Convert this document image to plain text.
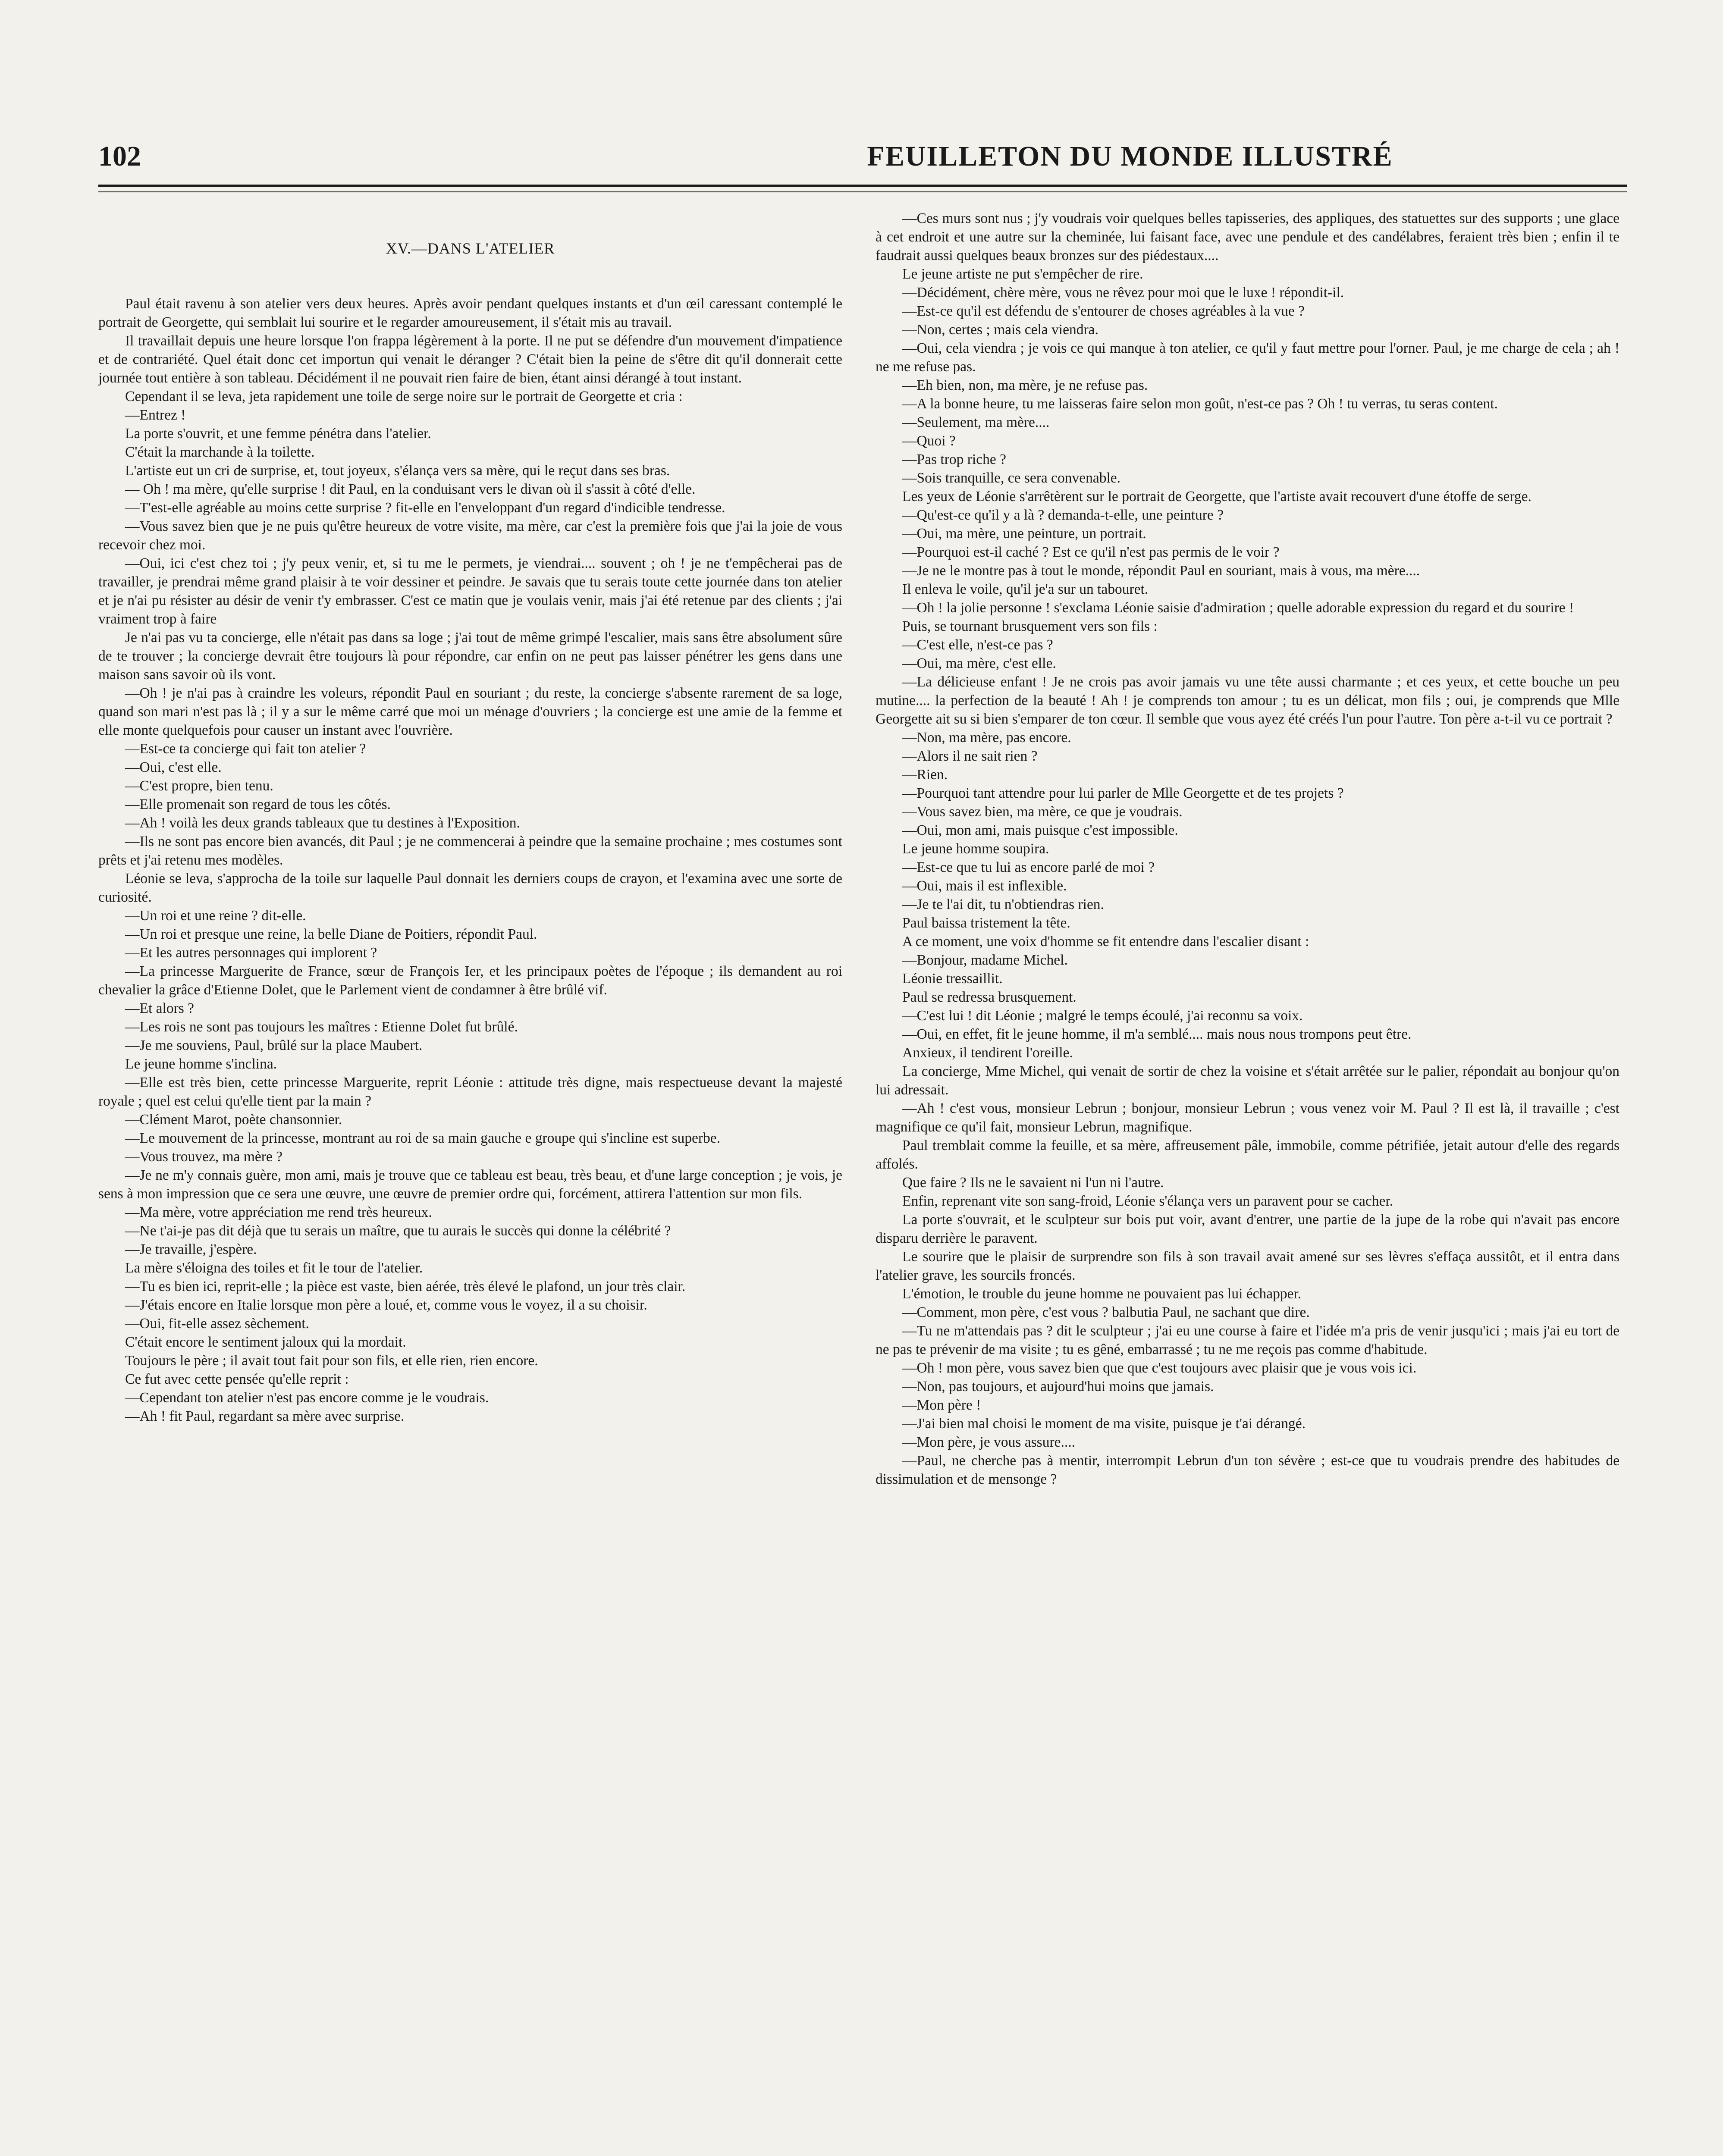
102	FEUILLETON DU MONDE ILLUSTRÉ
XV.—DANS L'ATELIER

Paul était ravenu à son atelier vers deux heures. Après avoir pendant quelques instants et d'un œil caressant contemplé le portrait de Georgette, qui semblait lui sourire et le regarder amoureusement, il s'était mis au travail.

Il travaillait depuis une heure lorsque l'on frappa légèrement à la porte. Il ne put se défendre d'un mouvement d'impatience et de contrariété. Quel était donc cet importun qui venait le déranger ? C'était bien la peine de s'être dit qu'il donnerait cette journée tout entière à son tableau. Décidément il ne pouvait rien faire de bien, étant ainsi dérangé à tout instant.

Cependant il se leva, jeta rapidement une toile de serge noire sur le portrait de Georgette et cria :

—Entrez !

La porte s'ouvrit, et une femme pénétra dans l'atelier.

C'était la marchande à la toilette.

L'artiste eut un cri de surprise, et, tout joyeux, s'élança vers sa mère, qui le reçut dans ses bras.

— Oh ! ma mère, qu'elle surprise ! dit Paul, en la conduisant vers le divan où il s'assit à côté d'elle.

—T'est-elle agréable au moins cette surprise ? fit-elle en l'enveloppant d'un regard d'indicible tendresse.

—Vous savez bien que je ne puis qu'être heureux de votre visite, ma mère, car c'est la première fois que j'ai la joie de vous recevoir chez moi.

—Oui, ici c'est chez toi ; j'y peux venir, et, si tu me le permets, je viendrai.... souvent ; oh ! je ne t'empêcherai pas de travailler, je prendrai même grand plaisir à te voir dessiner et peindre. Je savais que tu serais toute cette journée dans ton atelier et je n'ai pu résister au désir de venir t'y embrasser. C'est ce matin que je voulais venir, mais j'ai été retenue par des clients ; j'ai vraiment trop à faire

Je n'ai pas vu ta concierge, elle n'était pas dans sa loge ; j'ai tout de même grimpé l'escalier, mais sans être absolument sûre de te trouver ; la concierge devrait être toujours là pour répondre, car enfin on ne peut pas laisser pénétrer les gens dans une maison sans savoir où ils vont.

—Oh ! je n'ai pas à craindre les voleurs, répondit Paul en souriant ; du reste, la concierge s'absente rarement de sa loge, quand son mari n'est pas là ; il y a sur le même carré que moi un ménage d'ouvriers ; la concierge est une amie de la femme et elle monte quelquefois pour causer un instant avec l'ouvrière.

—Est-ce ta concierge qui fait ton atelier ?

—Oui, c'est elle.

—C'est propre, bien tenu.

—Elle promenait son regard de tous les côtés.

—Ah ! voilà les deux grands tableaux que tu destines à l'Exposition.

—Ils ne sont pas encore bien avancés, dit Paul ; je ne commencerai à peindre que la semaine prochaine ; mes costumes sont prêts et j'ai retenu mes modèles.

Léonie se leva, s'approcha de la toile sur laquelle Paul donnait les derniers coups de crayon, et l'examina avec une sorte de curiosité.

—Un roi et une reine ? dit-elle.

—Un roi et presque une reine, la belle Diane de Poitiers, répondit Paul.

—Et les autres personnages qui implorent ?

—La princesse Marguerite de France, sœur de François Ier, et les principaux poètes de l'époque ; ils demandent au roi chevalier la grâce d'Etienne Dolet, que le Parlement vient de condamner à être brûlé vif.

—Et alors ?

—Les rois ne sont pas toujours les maîtres : Etienne Dolet fut brûlé.

—Je me souviens, Paul, brûlé sur la place Maubert.

Le jeune homme s'inclina.

—Elle est très bien, cette princesse Marguerite, reprit Léonie : attitude très digne, mais respectueuse devant la majesté royale ; quel est celui qu'elle tient par la main ?

—Clément Marot, poète chansonnier.

—Le mouvement de la princesse, montrant au roi de sa main gauche e groupe qui s'incline est superbe.

—Vous trouvez, ma mère ?

—Je ne m'y connais guère, mon ami, mais je trouve que ce tableau est beau, très beau, et d'une large conception ; je vois, je sens à mon impression que ce sera une œuvre, une œuvre de premier ordre qui, forcément, attirera l'attention sur mon fils.

—Ma mère, votre appréciation me rend très heureux.

—Ne t'ai-je pas dit déjà que tu serais un maître, que tu aurais le succès qui donne la célébrité ?

—Je travaille, j'espère.

La mère s'éloigna des toiles et fit le tour de l'atelier.

—Tu es bien ici, reprit-elle ; la pièce est vaste, bien aérée, très élevé le plafond, un jour très clair.

—J'étais encore en Italie lorsque mon père a loué, et, comme vous le voyez, il a su choisir.

—Oui, fit-elle assez sèchement.

C'était encore le sentiment jaloux qui la mordait.

Toujours le père ; il avait tout fait pour son fils, et elle rien, rien encore.

Ce fut avec cette pensée qu'elle reprit :

—Cependant ton atelier n'est pas encore comme je le voudrais.

—Ah ! fit Paul, regardant sa mère avec surprise.

—Ces murs sont nus ; j'y voudrais voir quelques belles tapisseries, des appliques, des statuettes sur des supports ; une glace à cet endroit et une autre sur la cheminée, lui faisant face, avec une pendule et des candélabres, feraient très bien ; enfin il te faudrait aussi quelques beaux bronzes sur des piédestaux....

Le jeune artiste ne put s'empêcher de rire.

—Décidément, chère mère, vous ne rêvez pour moi que le luxe ! répondit-il.

—Est-ce qu'il est défendu de s'entourer de choses agréables à la vue ?

—Non, certes ; mais cela viendra.

—Oui, cela viendra ; je vois ce qui manque à ton atelier, ce qu'il y faut mettre pour l'orner. Paul, je me charge de cela ; ah ! ne me refuse pas.

—Eh bien, non, ma mère, je ne refuse pas.

—A la bonne heure, tu me laisseras faire selon mon goût, n'est-ce pas ? Oh ! tu verras, tu seras content.

—Seulement, ma mère....

—Quoi ?

—Pas trop riche ?

—Sois tranquille, ce sera convenable.

Les yeux de Léonie s'arrêtèrent sur le portrait de Georgette, que l'artiste avait recouvert d'une étoffe de serge.

—Qu'est-ce qu'il y a là ? demanda-t-elle, une peinture ?

—Oui, ma mère, une peinture, un portrait.

—Pourquoi est-il caché ? Est ce qu'il n'est pas permis de le voir ?

—Je ne le montre pas à tout le monde, répondit Paul en souriant, mais à vous, ma mère....

Il enleva le voile, qu'il je'a sur un tabouret.

—Oh ! la jolie personne ! s'exclama Léonie saisie d'admiration ; quelle adorable expression du regard et du sourire !

Puis, se tournant brusquement vers son fils :

—C'est elle, n'est-ce pas ?

—Oui, ma mère, c'est elle.

—La délicieuse enfant ! Je ne crois pas avoir jamais vu une tête aussi charmante ; et ces yeux, et cette bouche un peu mutine.... la perfection de la beauté ! Ah ! je comprends ton amour ; tu es un délicat, mon fils ; oui, je comprends que Mlle Georgette ait su si bien s'emparer de ton cœur. Il semble que vous ayez été créés l'un pour l'autre. Ton père a-t-il vu ce portrait ?

—Non, ma mère, pas encore.

—Alors il ne sait rien ?

—Rien.

—Pourquoi tant attendre pour lui parler de Mlle Georgette et de tes projets ?

—Vous savez bien, ma mère, ce que je voudrais.

—Oui, mon ami, mais puisque c'est impossible.

Le jeune homme soupira.

—Est-ce que tu lui as encore parlé de moi ?

—Oui, mais il est inflexible.

—Je te l'ai dit, tu n'obtiendras rien.

Paul baissa tristement la tête.

A ce moment, une voix d'homme se fit entendre dans l'escalier disant :

—Bonjour, madame Michel.

Léonie tressaillit.

Paul se redressa brusquement.

—C'est lui ! dit Léonie ; malgré le temps écoulé, j'ai reconnu sa voix.

—Oui, en effet, fit le jeune homme, il m'a semblé.... mais nous nous trompons peut être.

Anxieux, il tendirent l'oreille.

La concierge, Mme Michel, qui venait de sortir de chez la voisine et s'était arrêtée sur le palier, répondait au bonjour qu'on lui adressait.

—Ah ! c'est vous, monsieur Lebrun ; bonjour, monsieur Lebrun ; vous venez voir M. Paul ? Il est là, il travaille ; c'est magnifique ce qu'il fait, monsieur Lebrun, magnifique.

Paul tremblait comme la feuille, et sa mère, affreusement pâle, immobile, comme pétrifiée, jetait autour d'elle des regards affolés.

Que faire ? Ils ne le savaient ni l'un ni l'autre.

Enfin, reprenant vite son sang-froid, Léonie s'élança vers un paravent pour se cacher.

La porte s'ouvrait, et le sculpteur sur bois put voir, avant d'entrer, une partie de la jupe de la robe qui n'avait pas encore disparu derrière le paravent.

Le sourire que le plaisir de surprendre son fils à son travail avait amené sur ses lèvres s'effaça aussitôt, et il entra dans l'atelier grave, les sourcils froncés.

L'émotion, le trouble du jeune homme ne pouvaient pas lui échapper.

—Comment, mon père, c'est vous ? balbutia Paul, ne sachant que dire.

—Tu ne m'attendais pas ? dit le sculpteur ; j'ai eu une course à faire et l'idée m'a pris de venir jusqu'ici ; mais j'ai eu tort de ne pas te prévenir de ma visite ; tu es gêné, embarrassé ; tu ne me reçois pas comme d'habitude.

—Oh ! mon père, vous savez bien que que c'est toujours avec plaisir que je vous vois ici.

—Non, pas toujours, et aujourd'hui moins que jamais.

—Mon père !

—J'ai bien mal choisi le moment de ma visite, puisque je t'ai dérangé.

—Mon père, je vous assure....

—Paul, ne cherche pas à mentir, interrompit Lebrun d'un ton sévère ; est-ce que tu voudrais prendre des habitudes de dissimulation et de mensonge ?
